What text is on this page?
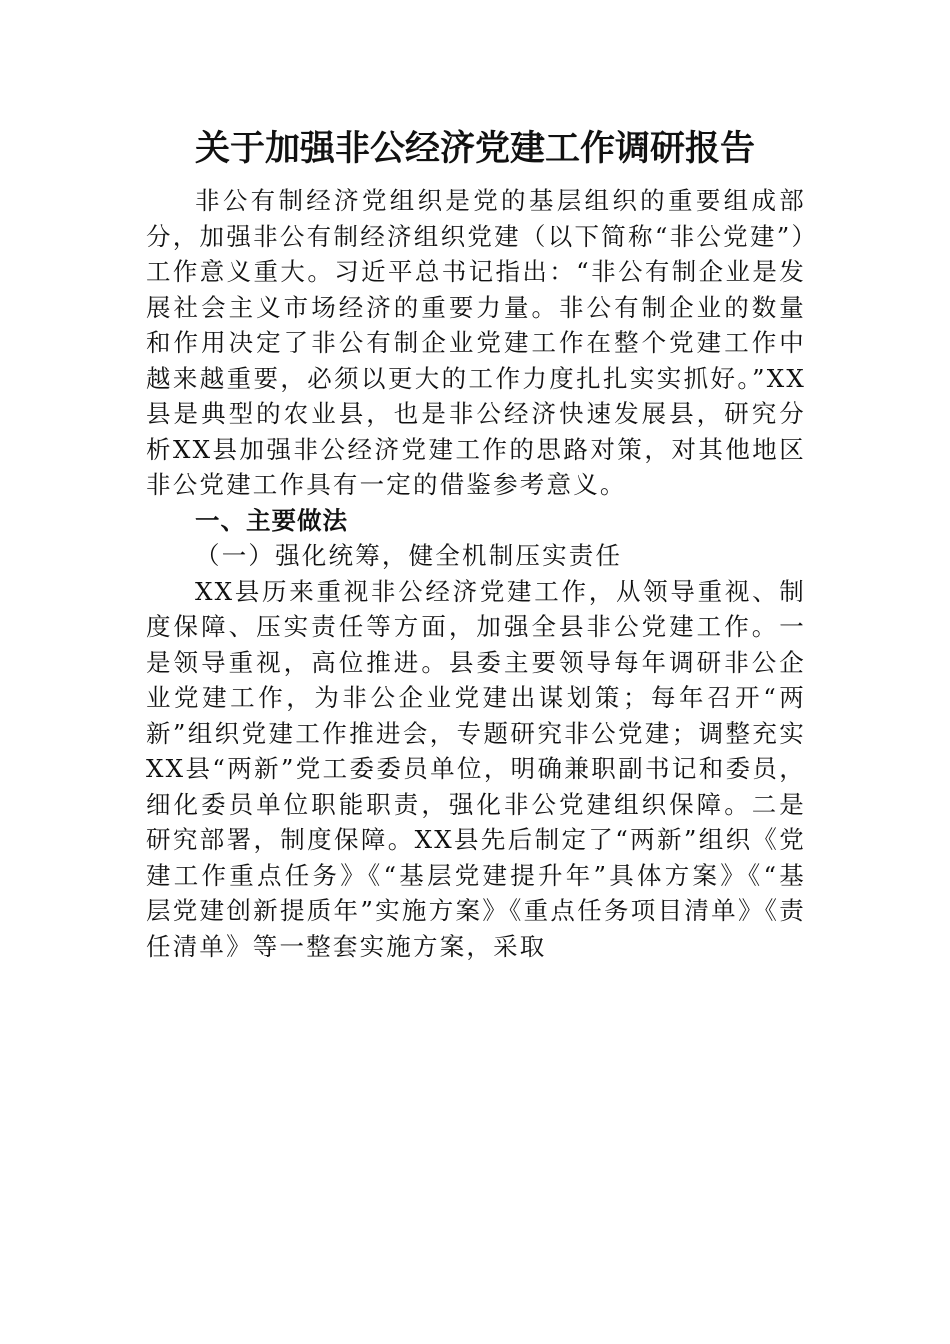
关于加强非公经济党建工作调研报告

非公有制经济党组织是党的基层组织的重要组成部分，加强非公有制经济组织党建（以下简称“非公党建”）工作意义重大。习近平总书记指出：“非公有制企业是发展社会主义市场经济的重要力量。非公有制企业的数量和作用决定了非公有制企业党建工作在整个党建工作中越来越重要，必须以更大的工作力度扎扎实实抓好。”XX县是典型的农业县，也是非公经济快速发展县，研究分析XX县加强非公经济党建工作的思路对策，对其他地区非公党建工作具有一定的借鉴参考意义。

一、主要做法

（一）强化统筹，健全机制压实责任

XX县历来重视非公经济党建工作，从领导重视、制度保障、压实责任等方面，加强全县非公党建工作。一是领导重视，高位推进。县委主要领导每年调研非公企业党建工作，为非公企业党建出谋划策；每年召开“两新”组织党建工作推进会，专题研究非公党建；调整充实XX县“两新”党工委委员单位，明确兼职副书记和委员，细化委员单位职能职责，强化非公党建组织保障。二是研究部署，制度保障。XX县先后制定了“两新”组织《党建工作重点任务》《“基层党建提升年”具体方案》《“基层党建创新提质年”实施方案》《重点任务项目清单》《责任清单》等一整套实施方案，采取
